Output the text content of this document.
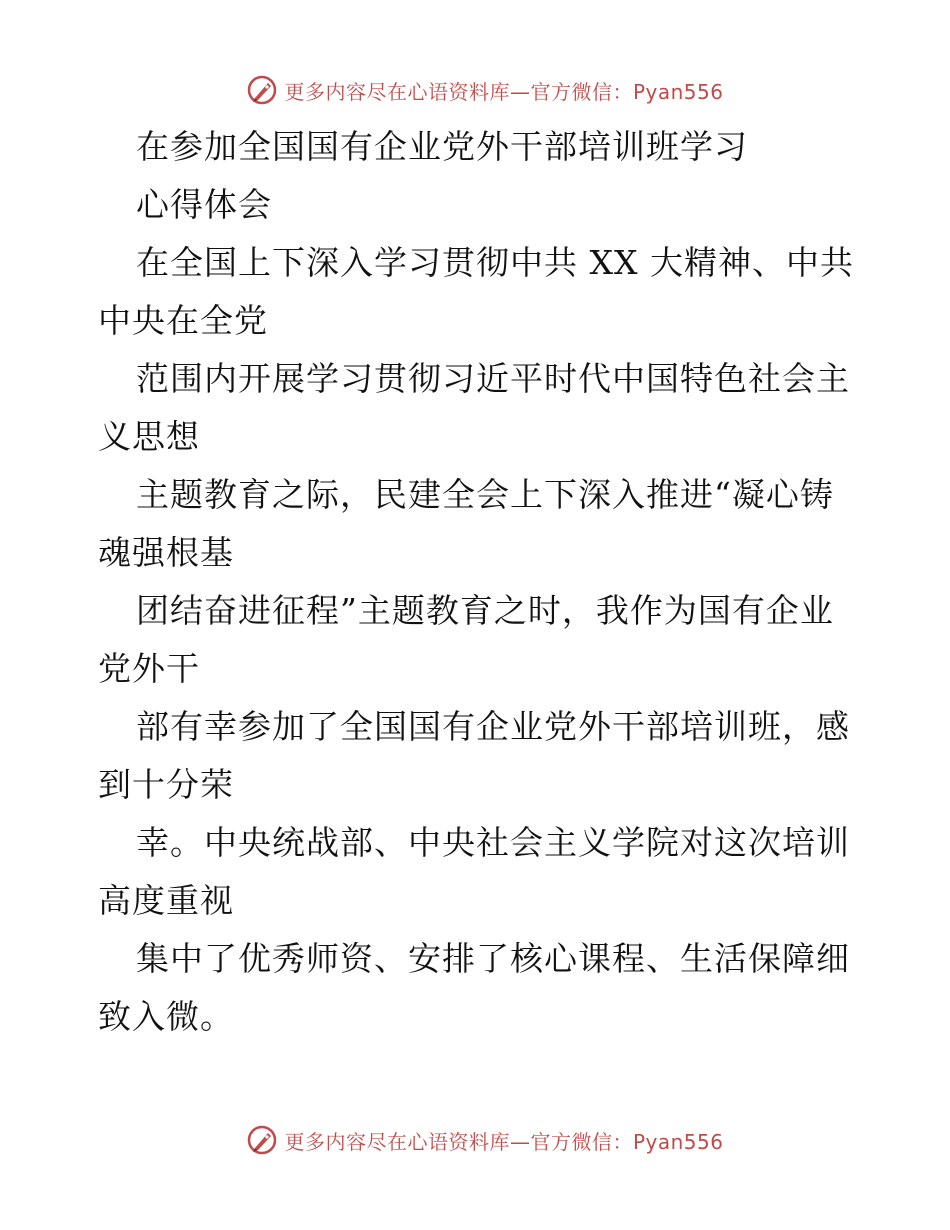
更多内容尽在心语资料库—官方微信：Pyan556
在参加全国国有企业党外干部培训班学习
心得体会
在全国上下深入学习贯彻中共 XX 大精神、中共
中央在全党
范围内开展学习贯彻习近平时代中国特色社会主
义思想
主题教育之际，民建全会上下深入推进“凝心铸
魂强根基
团结奋进征程”主题教育之时，我作为国有企业
党外干
部有幸参加了全国国有企业党外干部培训班，感
到十分荣
幸。中央统战部、中央社会主义学院对这次培训
高度重视
集中了优秀师资、安排了核心课程、生活保障细
致入微。
更多内容尽在心语资料库—官方微信：Pyan556
